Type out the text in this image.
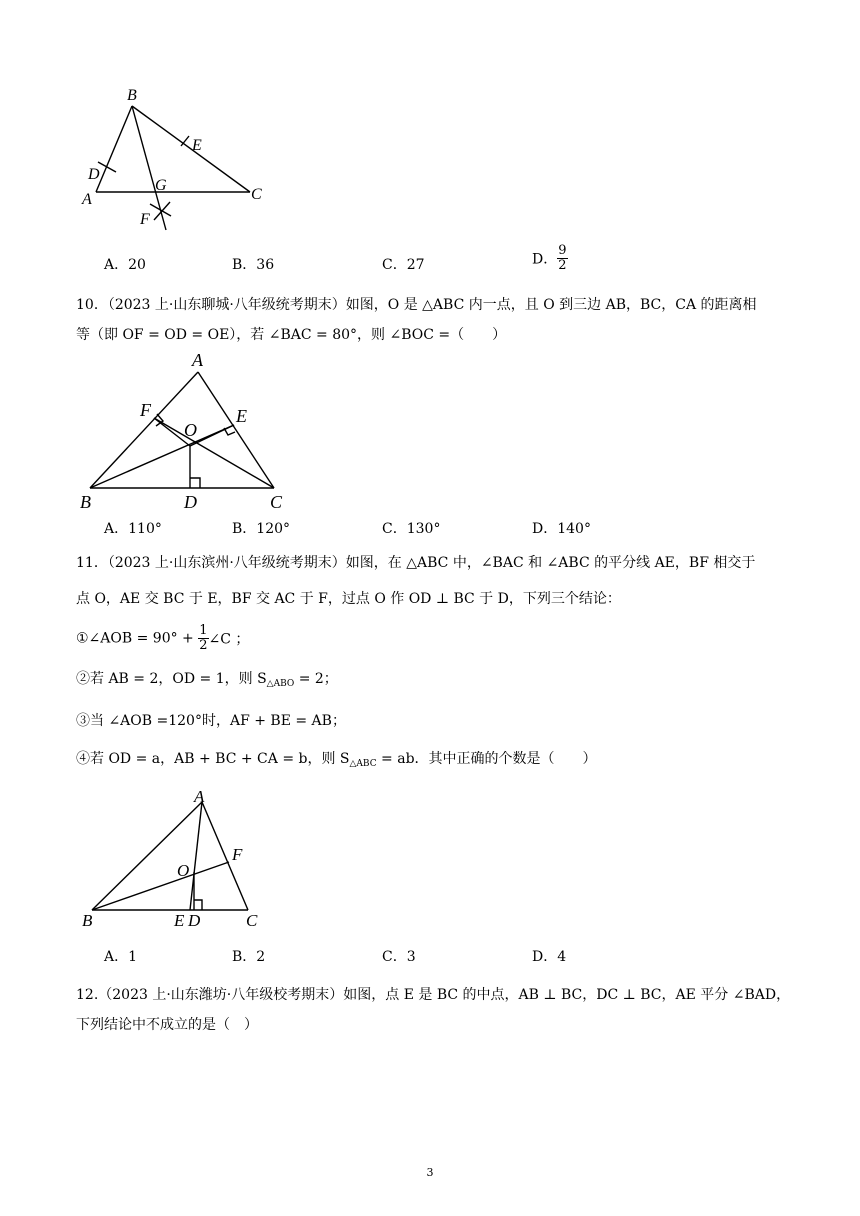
B
A	C
D
E
G
F
A．20	B．36	C．27	D． $\frac{9}{2}$
10．（2023 上·山东聊城·八年级统考期末）如图，O 是 △ABC 内一点，且 O 到三边 AB，BC，CA 的距离相
等（即 OF = OD = OE），若 ∠BAC = 80°，则 ∠BOC =（　　）
A
F	E
O
B	D	C
A．110°	B．120°	C．130°	D．140°
11．（2023 上·山东滨州·八年级统考期末）如图，在 △ABC 中，∠BAC 和 ∠ABC 的平分线 AE，BF 相交于
点 O，AE 交 BC 于 E，BF 交 AC 于 F，过点 O 作 OD ⊥ BC 于 D，下列三个结论：
①∠AOB = $90^\circ + \frac{1}{2}$ ∠C ；
②若 AB = 2，OD = 1，则 $S_{\triangle ABO} = 2$；
③当 ∠AOB =120°时，AF + BE = AB；
④若 OD = a，AB + BC + CA = b，则 $S_{\triangle ABC}$ = ab．其中正确的个数是（　　）
A
F
O
B	E D	C
A．1	B．2	C．3	D．4
12.（2023 上·山东潍坊·八年级校考期末）如图，点 E 是 BC 的中点，AB ⊥ BC，DC ⊥ BC，AE 平分 ∠BAD，
下列结论中不成立的是（　）
3
